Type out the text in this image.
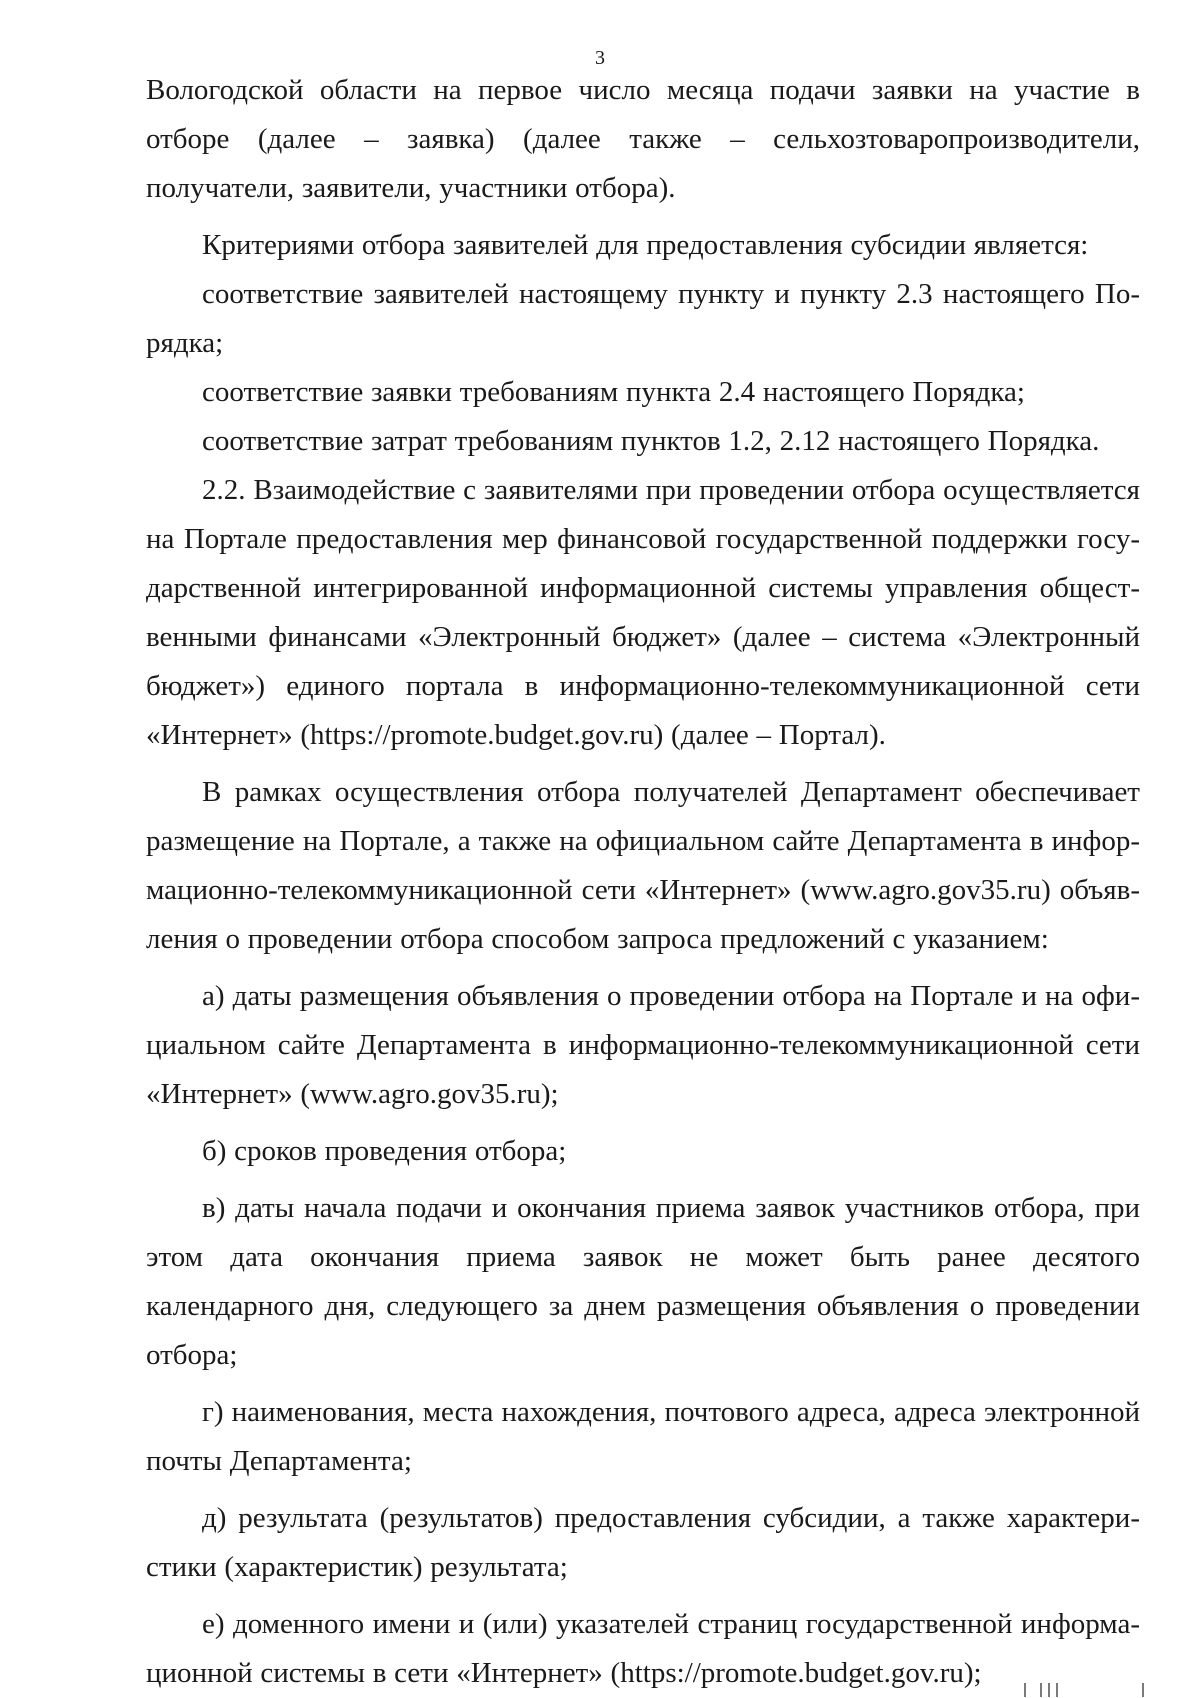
3

Вологодской области на первое число месяца подачи заявки на участие в отборе (далее – заявка) (далее также – сельхозтоваропроизводители, получатели, заявители, участники отбора).

Критериями отбора заявителей для предоставления субсидии является:

соответствие заявителей настоящему пункту и пункту 2.3 настоящего Порядка;

соответствие заявки требованиям пункта 2.4 настоящего Порядка;

соответствие затрат требованиям пунктов 1.2, 2.12 настоящего Порядка.

2.2. Взаимодействие с заявителями при проведении отбора осуществляется на Портале предоставления мер финансовой государственной поддержки государственной интегрированной информационной системы управления общественными финансами «Электронный бюджет» (далее – система «Электронный бюджет») единого портала в информационно-телекоммуникационной сети «Интернет» (https://promote.budget.gov.ru) (далее – Портал).

В рамках осуществления отбора получателей Департамент обеспечивает размещение на Портале, а также на официальном сайте Департамента в информационно-телекоммуникационной сети «Интернет» (www.agro.gov35.ru) объявления о проведении отбора способом запроса предложений с указанием:

а) даты размещения объявления о проведении отбора на Портале и на официальном сайте Департамента в информационно-телекоммуникационной сети «Интернет» (www.agro.gov35.ru);

б) сроков проведения отбора;

в) даты начала подачи и окончания приема заявок участников отбора, при этом дата окончания приема заявок не может быть ранее десятого календарного дня, следующего за днем размещения объявления о проведении отбора;

г) наименования, места нахождения, почтового адреса, адреса электронной почты Департамента;

д) результата (результатов) предоставления субсидии, а также характеристики (характеристик) результата;

е) доменного имени и (или) указателей страниц государственной информационной системы в сети «Интернет» (https://promote.budget.gov.ru);
